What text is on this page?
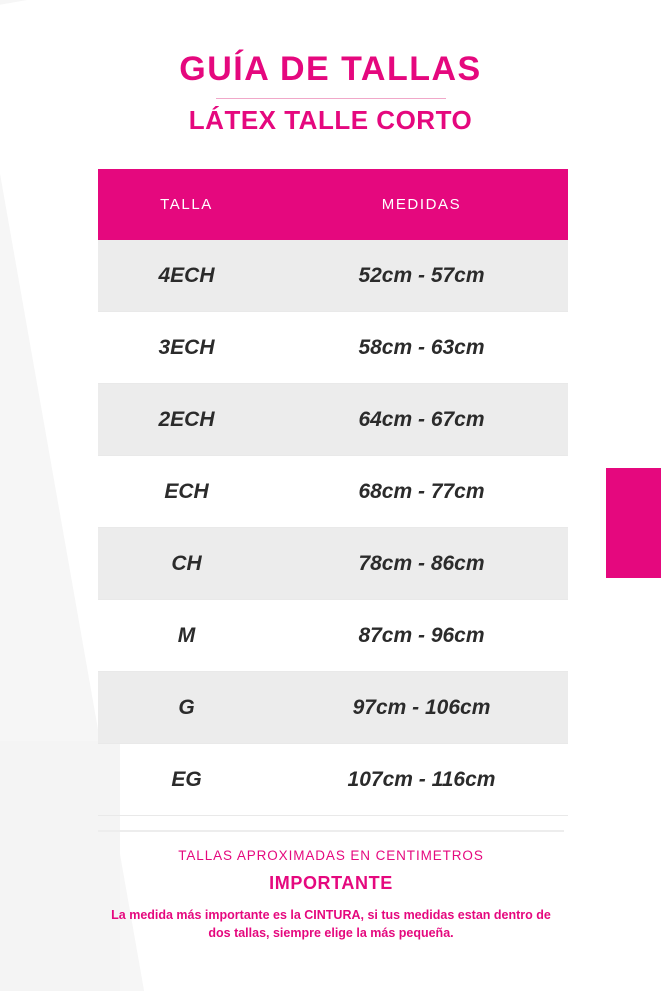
GUÍA DE TALLAS
LÁTEX TALLE CORTO
TALLA	MEDIDAS
4ECH	52cm - 57cm
3ECH	58cm - 63cm
2ECH	64cm - 67cm
ECH	68cm - 77cm
CH	78cm - 86cm
M	87cm - 96cm
G	97cm - 106cm
EG	107cm - 116cm

TALLAS APROXIMADAS EN CENTIMETROS

IMPORTANTE

La medida más importante es la CINTURA, si tus medidas estan dentro de dos tallas, siempre elige la más pequeña.
